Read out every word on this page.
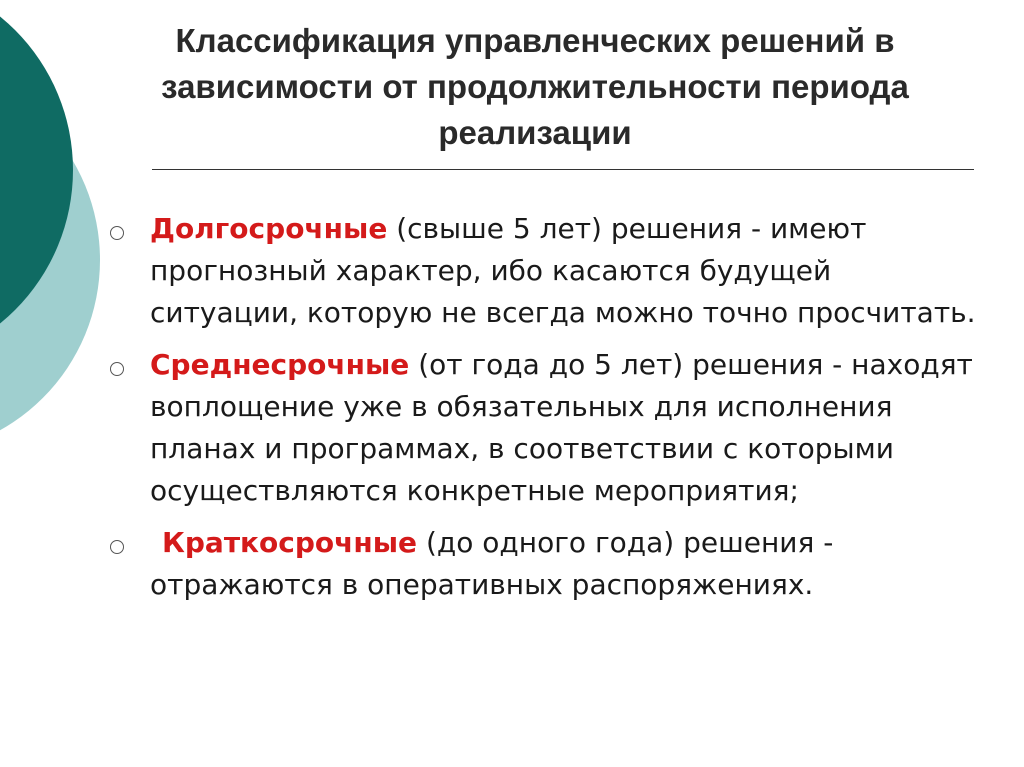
Классификация управленческих решений в
зависимости от продолжительности периода
реализации
Долгосрочные (свыше 5 лет) решения - имеют прогнозный характер, ибо касаются будущей ситуации, которую не всегда можно точно просчитать.
Среднесрочные (от года до 5 лет) решения - находят воплощение уже в обязательных для исполнения планах и программах, в соответствии с которыми осуществляются конкретные мероприятия;
Краткосрочные (до одного года) решения - отражаются в оперативных распоряжениях.
